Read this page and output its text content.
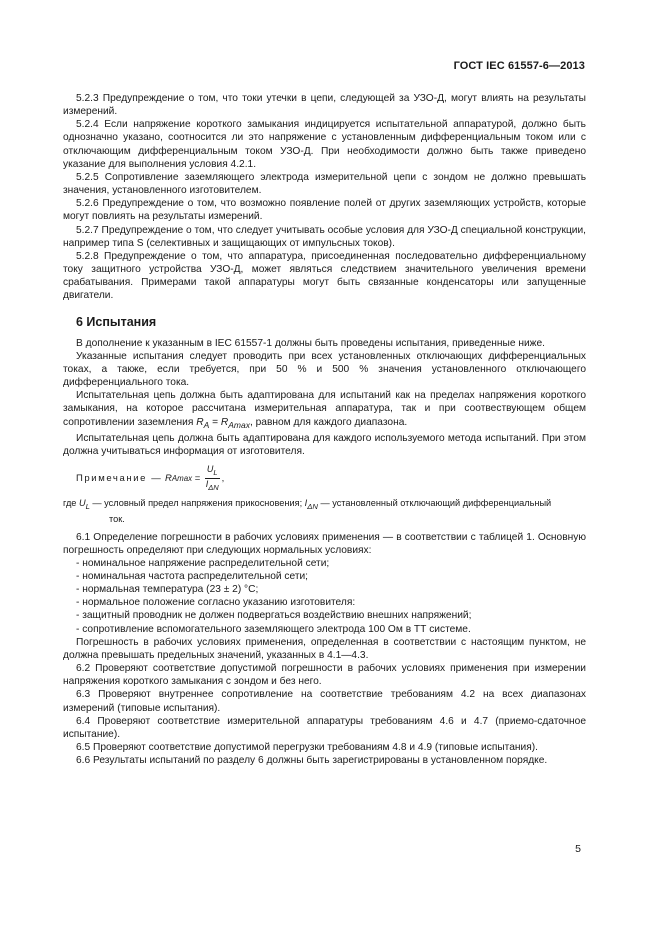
ГОСТ IEC 61557-6—2013

5.2.3 Предупреждение о том, что токи утечки в цепи, следующей за УЗО-Д, могут влиять на результаты измерений.

5.2.4 Если напряжение короткого замыкания индицируется испытательной аппаратурой, должно быть однозначно указано, соотносится ли это напряжение с установленным дифференциальным током или с отключающим дифференциальным током УЗО-Д. При необходимости должно быть также приведено указание для выполнения условия 4.2.1.

5.2.5 Сопротивление заземляющего электрода измерительной цепи с зондом не должно превышать значения, установленного изготовителем.

5.2.6 Предупреждение о том, что возможно появление полей от других заземляющих устройств, которые могут повлиять на результаты измерений.

5.2.7 Предупреждение о том, что следует учитывать особые условия для УЗО-Д специальной конструкции, например типа S (селективных и защищающих от импульсных токов).

5.2.8 Предупреждение о том, что аппаратура, присоединенная последовательно дифференциальному току защитного устройства УЗО-Д, может являться следствием значительного увеличения времени срабатывания. Примерами такой аппаратуры могут быть связанные конденсаторы или запущенные двигатели.

6 Испытания

В дополнение к указанным в IEC 61557-1 должны быть проведены испытания, приведенные ниже.

Указанные испытания следует проводить при всех установленных отключающих дифференциальных токах, а также, если требуется, при 50 % и 500 % значения установленного отключающего дифференциального тока.

Испытательная цепь должна быть адаптирована для испытаний как на пределах напряжения короткого замыкания, на которое рассчитана измерительная аппаратура, так и при соотвествующем общем сопротивлении заземления $R_A = R_{Amax}$, равном для каждого диапазона.

Испытательная цепь должна быть адаптирована для каждого используемого метода испытаний. При этом должна учитываться информация от изготовителя.

Примечание —
R $Amax = \frac{U_L}{I_{\Delta N}}$ ,

где $U_L$ — условный предел напряжения прикосновения; $I_{\Delta N}$ — установленный отключающий дифференциальный
ток.

6.1 Определение погрешности в рабочих условиях применения — в соответствии с таблицей 1. Основную погрешность определяют при следующих нормальных условиях:

- номинальное напряжение распределительной сети;
- номинальная частота распределительной сети;
- нормальная температура (23 ± 2) °C;
- нормальное положение согласно указанию изготовителя:
- защитный проводник не должен подвергаться воздействию внешних напряжений;
- сопротивление вспомогательного заземляющего электрода 100 Ом в ТТ системе.

Погрешность в рабочих условиях применения, определенная в соответствии с настоящим пунктом, не должна превышать предельных значений, указанных в 4.1—4.3.

6.2 Проверяют соответствие допустимой погрешности в рабочих условиях применения при измерении напряжения короткого замыкания с зондом и без него.

6.3 Проверяют внутреннее сопротивление на соответствие требованиям 4.2 на всех диапазонах измерений (типовые испытания).

6.4 Проверяют соответствие измерительной аппаратуры требованиям 4.6 и 4.7 (приемо-сдаточное испытание).

6.5 Проверяют соответствие допустимой перегрузки требованиям 4.8 и 4.9 (типовые испытания).

6.6 Результаты испытаний по разделу 6 должны быть зарегистрированы в установленном порядке.

5
